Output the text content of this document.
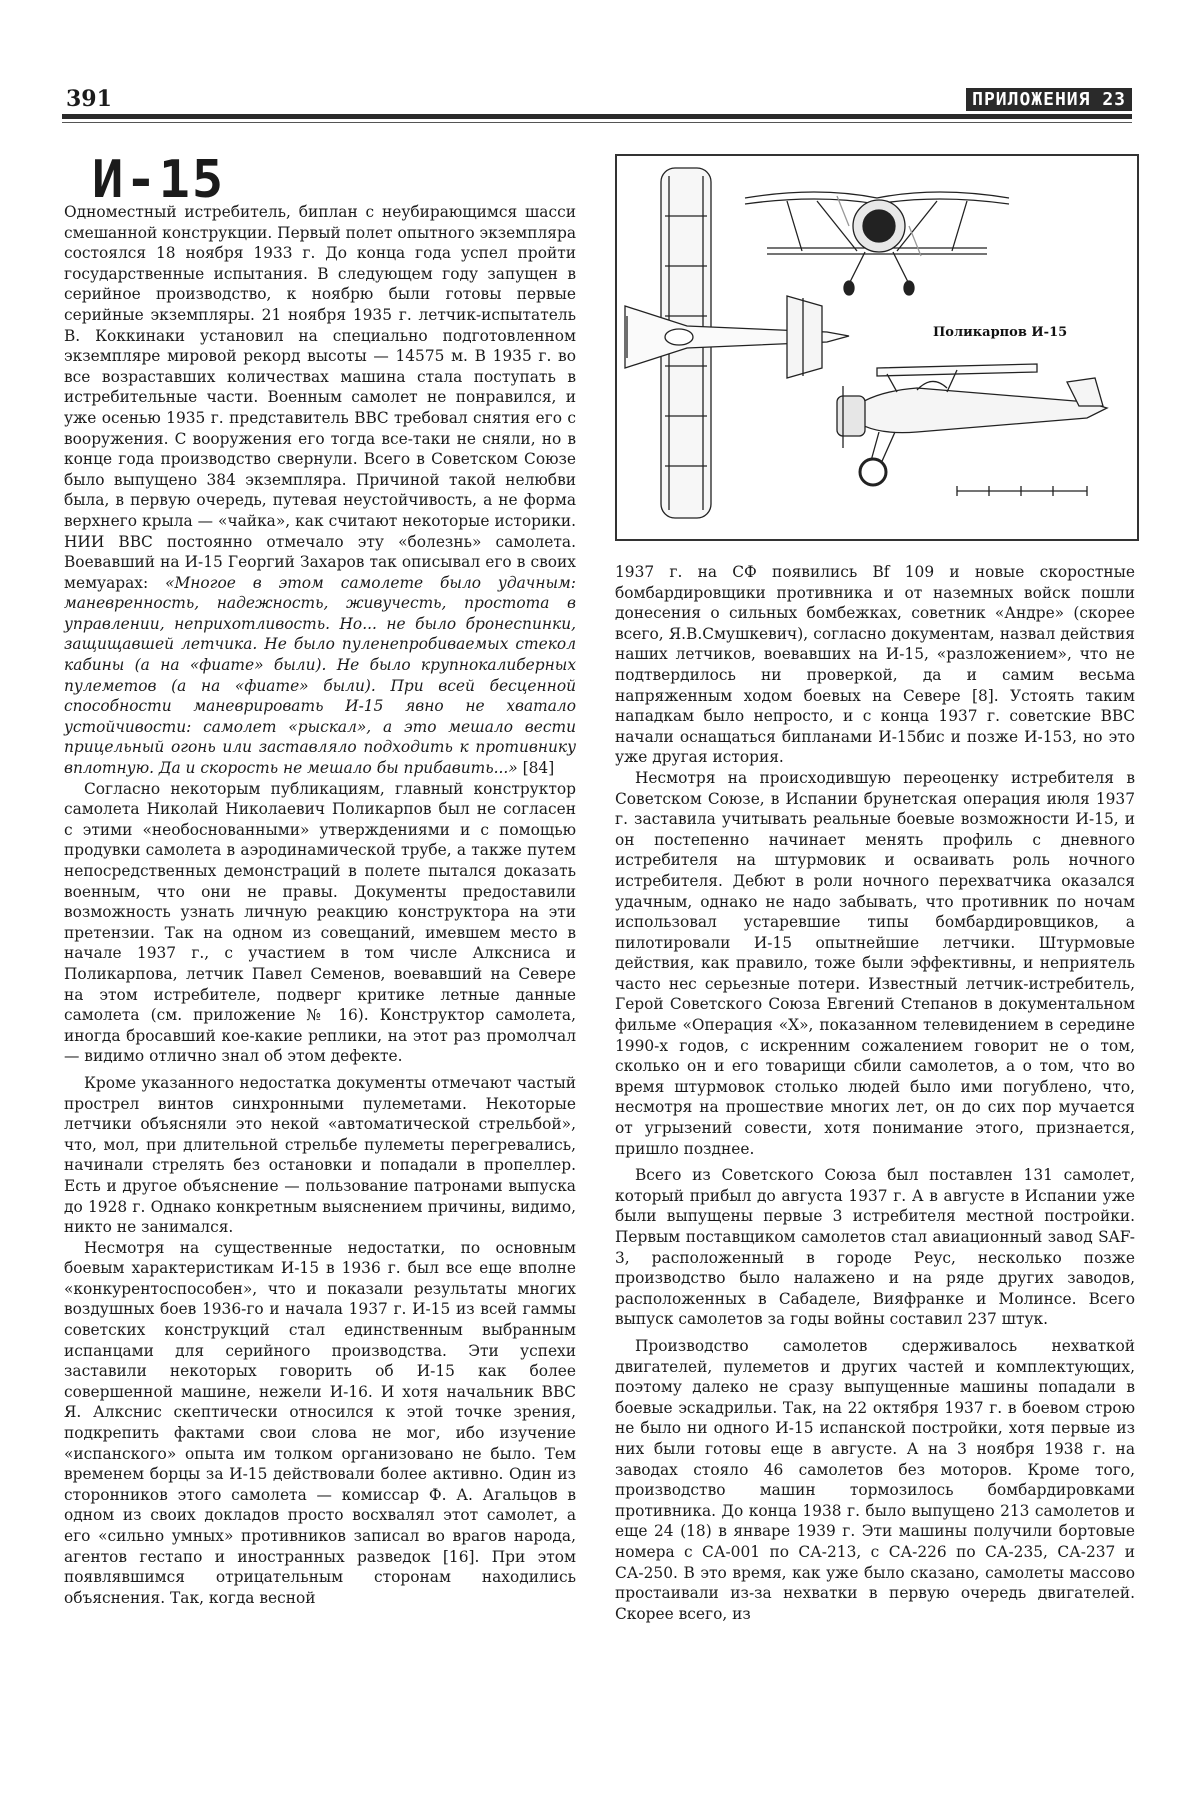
391	ПРИЛОЖЕНИЯ 23
И-15

Одноместный истребитель, биплан с неубирающимся шасси смешанной конструкции. Первый полет опытного экземпляра состоялся 18 ноября 1933 г. До конца года успел пройти государственные испытания. В следующем году запущен в серийное производство, к ноябрю были готовы первые серийные экземпляры. 21 ноября 1935 г. летчик-испытатель В. Коккинаки установил на специально подготовленном экземпляре мировой рекорд высоты — 14575 м. В 1935 г. во все возраставших количествах машина стала поступать в истребительные части. Военным самолет не понравился, и уже осенью 1935 г. представитель ВВС требовал снятия его с вооружения. С вооружения его тогда все-таки не сняли, но в конце года производство свернули. Всего в Советском Союзе было выпущено 384 экземпляра. Причиной такой нелюбви была, в первую очередь, путевая неустойчивость, а не форма верхнего крыла — «чайка», как считают некоторые историки. НИИ ВВС постоянно отмечало эту «болезнь» самолета. Воевавший на И-15 Георгий Захаров так описывал его в своих мемуарах: «Многое в этом самолете было удачным: маневренность, надежность, живучесть, простота в управлении, неприхотливость. Но... не было бронеспинки, защищавшей летчика. Не было пуленепробиваемых стекол кабины (а на «фиате» были). Не было крупнокалиберных пулеметов (а на «фиате» были). При всей бесценной способности маневрировать И-15 явно не хватало устойчивости: самолет «рыскал», а это мешало вести прицельный огонь или заставляло подходить к противнику вплотную. Да и скорость не мешало бы прибавить...» [84]

Согласно некоторым публикациям, главный конструктор самолета Николай Николаевич Поликарпов был не согласен с этими «необоснованными» утверждениями и с помощью продувки самолета в аэродинамической трубе, а также путем непосредственных демонстраций в полете пытался доказать военным, что они не правы. Документы предоставили возможность узнать личную реакцию конструктора на эти претензии. Так на одном из совещаний, имевшем место в начале 1937 г., с участием в том числе Алксниса и Поликарпова, летчик Павел Семенов, воевавший на Севере на этом истребителе, подверг критике летные данные самолета (см. приложение № 16). Конструктор самолета, иногда бросавший кое-какие реплики, на этот раз промолчал — видимо отлично знал об этом дефекте.

Кроме указанного недостатка документы отмечают частый прострел винтов синхронными пулеметами. Некоторые летчики объясняли это некой «автоматической стрельбой», что, мол, при длительной стрельбе пулеметы перегревались, начинали стрелять без остановки и попадали в пропеллер. Есть и другое объяснение — пользование патронами выпуска до 1928 г. Однако конкретным выяснением причины, видимо, никто не занимался.

Несмотря на существенные недостатки, по основным боевым характеристикам И-15 в 1936 г. был все еще вполне «конкурентоспособен», что и показали результаты многих воздушных боев 1936-го и начала 1937 г. И-15 из всей гаммы советских конструкций стал единственным выбранным испанцами для серийного производства. Эти успехи заставили некоторых говорить об И-15 как более совершенной машине, нежели И-16. И хотя начальник ВВС Я. Алкснис скептически относился к этой точке зрения, подкрепить фактами свои слова не мог, ибо изучение «испанского» опыта им толком организовано не было. Тем временем борцы за И-15 действовали более активно. Один из сторонников этого самолета — комиссар Ф. А. Агальцов в одном из своих докладов просто восхвалял этот самолет, а его «сильно умных» противников записал во врагов народа, агентов гестапо и иностранных разведок [16]. При этом появлявшимся отрицательным сторонам находились объяснения. Так, когда весной

Поликарпов И-15

1937 г. на СФ появились Bf 109 и новые скоростные бомбардировщики противника и от наземных войск пошли донесения о сильных бомбежках, советник «Андре» (скорее всего, Я.В.Смушкевич), согласно документам, назвал действия наших летчиков, воевавших на И-15, «разложением», что не подтвердилось ни проверкой, да и самим весьма напряженным ходом боевых на Севере [8]. Устоять таким нападкам было непросто, и с конца 1937 г. советские ВВС начали оснащаться бипланами И-15бис и позже И-153, но это уже другая история.

Несмотря на происходившую переоценку истребителя в Советском Союзе, в Испании брунетская операция июля 1937 г. заставила учитывать реальные боевые возможности И-15, и он постепенно начинает менять профиль с дневного истребителя на штурмовик и осваивать роль ночного истребителя. Дебют в роли ночного перехватчика оказался удачным, однако не надо забывать, что противник по ночам использовал устаревшие типы бомбардировщиков, а пилотировали И-15 опытнейшие летчики. Штурмовые действия, как правило, тоже были эффективны, и неприятель часто нес серьезные потери. Известный летчик-истребитель, Герой Советского Союза Евгений Степанов в документальном фильме «Операция «Х», показанном телевидением в середине 1990-х годов, с искренним сожалением говорит не о том, сколько он и его товарищи сбили самолетов, а о том, что во время штурмовок столько людей было ими погублено, что, несмотря на прошествие многих лет, он до сих пор мучается от угрызений совести, хотя понимание этого, признается, пришло позднее.

Всего из Советского Союза был поставлен 131 самолет, который прибыл до августа 1937 г. А в августе в Испании уже были выпущены первые 3 истребителя местной постройки. Первым поставщиком самолетов стал авиационный завод SAF-3, расположенный в городе Реус, несколько позже производство было налажено и на ряде других заводов, расположенных в Сабаделе, Вияфранке и Молинсе. Всего выпуск самолетов за годы войны составил 237 штук.

Производство самолетов сдерживалось нехваткой двигателей, пулеметов и других частей и комплектующих, поэтому далеко не сразу выпущенные машины попадали в боевые эскадрильи. Так, на 22 октября 1937 г. в боевом строю не было ни одного И-15 испанской постройки, хотя первые из них были готовы еще в августе. А на 3 ноября 1938 г. на заводах стояло 46 самолетов без моторов. Кроме того, производство машин тормозилось бомбардировками противника. До конца 1938 г. было выпущено 213 самолетов и еще 24 (18) в январе 1939 г. Эти машины получили бортовые номера с СА-001 по СА-213, с СА-226 по СА-235, СА-237 и СА-250. В это время, как уже было сказано, самолеты массово простаивали из-за нехватки в первую очередь двигателей. Скорее всего, из
